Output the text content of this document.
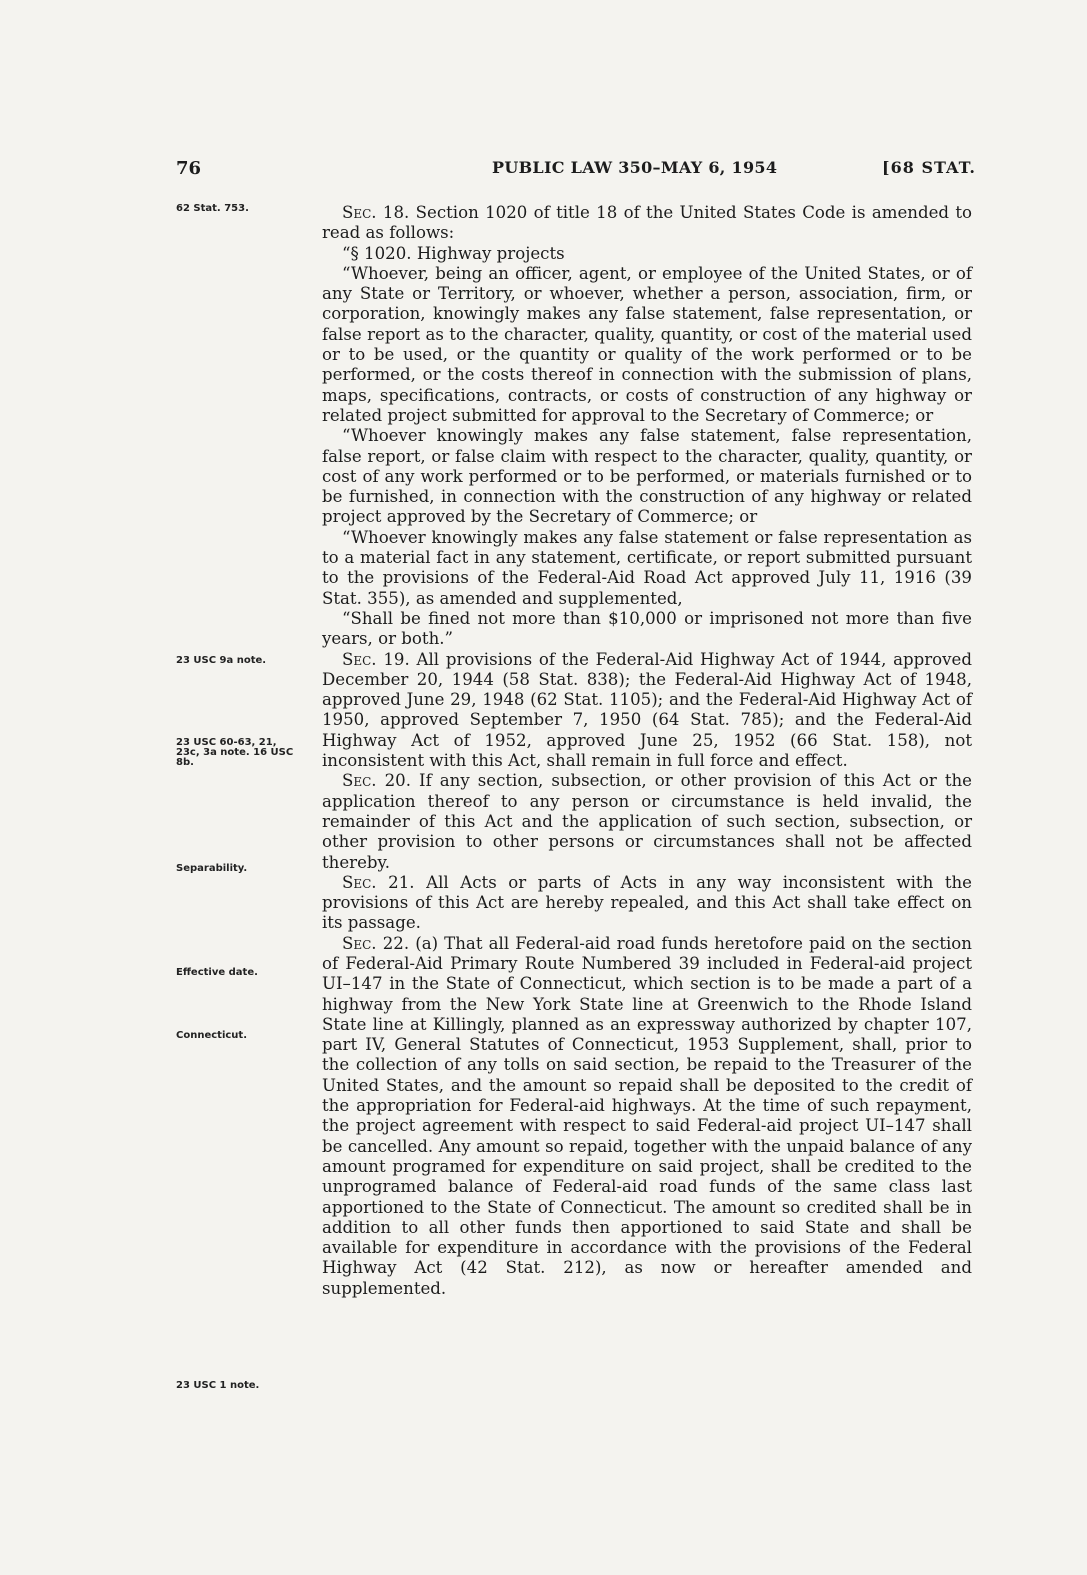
76	PUBLIC LAW 350–MAY 6, 1954	[68 STAT.
62 Stat. 753.
23 USC 9a note.
23 USC 60-63, 21, 23c, 3a note. 16 USC 8b.
Separability.
Effective date.
Connecticut.
23 USC 1 note.

Sec. 18. Section 1020 of title 18 of the United States Code is amended to read as follows:

“§ 1020. Highway projects

“Whoever, being an officer, agent, or employee of the United States, or of any State or Territory, or whoever, whether a person, association, firm, or corporation, knowingly makes any false statement, false representation, or false report as to the character, quality, quantity, or cost of the material used or to be used, or the quantity or quality of the work performed or to be performed, or the costs thereof in connection with the submission of plans, maps, specifications, contracts, or costs of construction of any highway or related project submitted for approval to the Secretary of Commerce; or

“Whoever knowingly makes any false statement, false representation, false report, or false claim with respect to the character, quality, quantity, or cost of any work performed or to be performed, or materials furnished or to be furnished, in connection with the construction of any highway or related project approved by the Secretary of Commerce; or

“Whoever knowingly makes any false statement or false representation as to a material fact in any statement, certificate, or report submitted pursuant to the provisions of the Federal-Aid Road Act approved July 11, 1916 (39 Stat. 355), as amended and supplemented,

“Shall be fined not more than $10,000 or imprisoned not more than five years, or both.”

Sec. 19. All provisions of the Federal-Aid Highway Act of 1944, approved December 20, 1944 (58 Stat. 838); the Federal-Aid Highway Act of 1948, approved June 29, 1948 (62 Stat. 1105); and the Federal-Aid Highway Act of 1950, approved September 7, 1950 (64 Stat. 785); and the Federal-Aid Highway Act of 1952, approved June 25, 1952 (66 Stat. 158), not inconsistent with this Act, shall remain in full force and effect.

Sec. 20. If any section, subsection, or other provision of this Act or the application thereof to any person or circumstance is held invalid, the remainder of this Act and the application of such section, subsection, or other provision to other persons or circumstances shall not be affected thereby.

Sec. 21. All Acts or parts of Acts in any way inconsistent with the provisions of this Act are hereby repealed, and this Act shall take effect on its passage.

Sec. 22. (a) That all Federal-aid road funds heretofore paid on the section of Federal-Aid Primary Route Numbered 39 included in Federal-aid project UI–147 in the State of Connecticut, which section is to be made a part of a highway from the New York State line at Greenwich to the Rhode Island State line at Killingly, planned as an expressway authorized by chapter 107, part IV, General Statutes of Connecticut, 1953 Supplement, shall, prior to the collection of any tolls on said section, be repaid to the Treasurer of the United States, and the amount so repaid shall be deposited to the credit of the appropriation for Federal-aid highways. At the time of such repayment, the project agreement with respect to said Federal-aid project UI–147 shall be cancelled. Any amount so repaid, together with the unpaid balance of any amount programed for expenditure on said project, shall be credited to the unprogramed balance of Federal-aid road funds of the same class last apportioned to the State of Connecticut. The amount so credited shall be in addition to all other funds then apportioned to said State and shall be available for expenditure in accordance with the provisions of the Federal Highway Act (42 Stat. 212), as now or hereafter amended and supplemented.
